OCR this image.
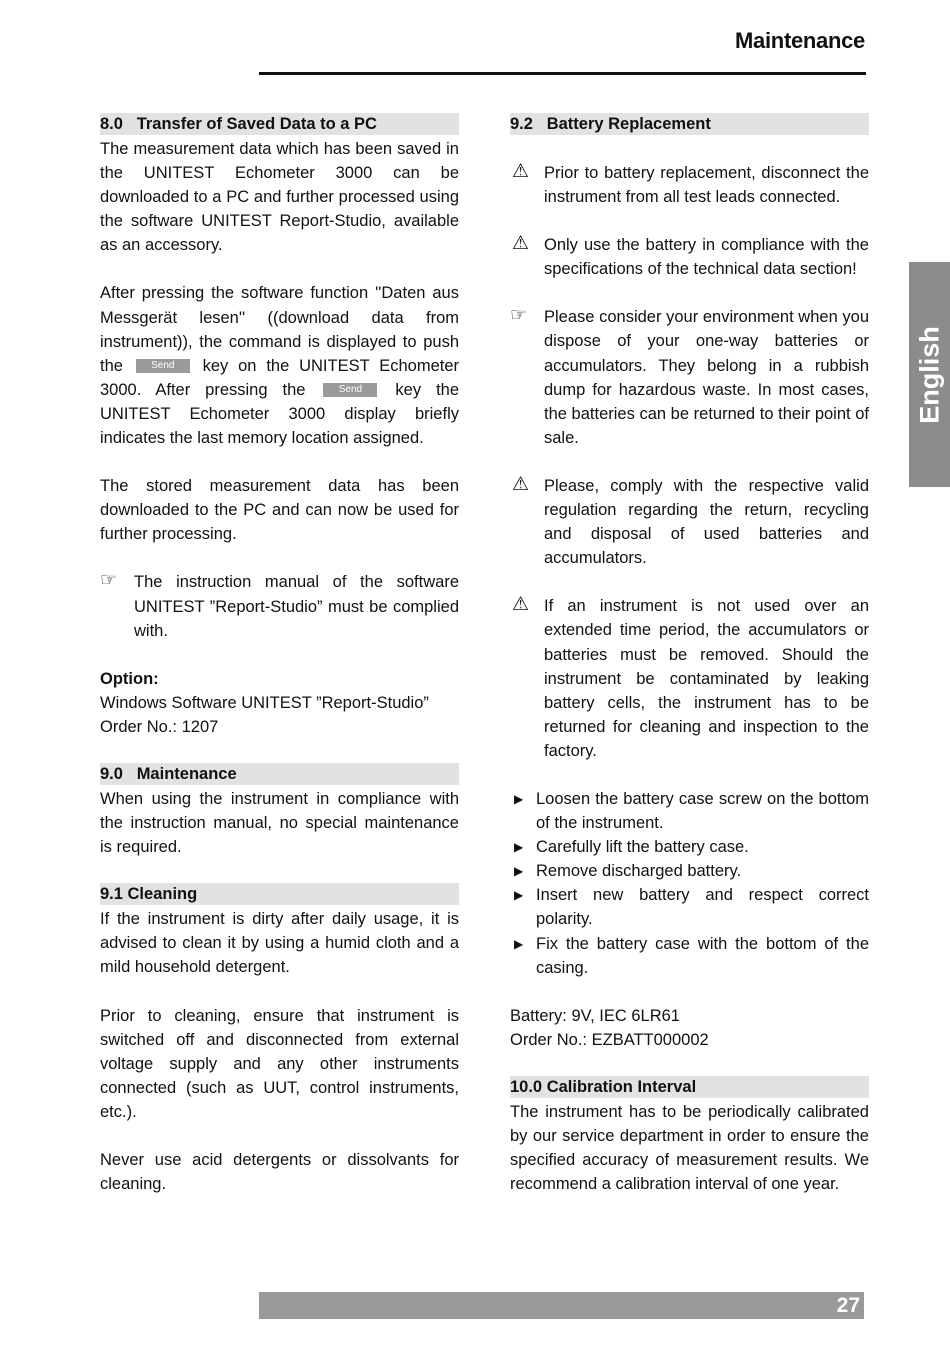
Maintenance
English
8.0   Transfer of Saved Data to a PC

The measurement data which has been saved in the UNITEST Echometer 3000 can be downloaded to a PC and further processed using the software UNITEST Report-Studio, available as an accessory.

After pressing the software function ''Daten aus Messgerät lesen'' ((download data from instrument)), the command is displayed to push the	Send key on the UNITEST Echometer 3000. After pressing the	Send key the UNITEST Echometer 3000 display briefly indicates the last memory location assigned.

The stored measurement data has been downloaded to the PC and can now be used for further processing.

☞ The instruction manual of the software UNITEST ”Report-Studio” must be complied with.

Option:

Windows Software UNITEST ”Report-Studio”

Order No.: 1207

9.0   Maintenance

When using the instrument in compliance with the instruction manual, no special maintenance is required.

9.1 Cleaning

If the instrument is dirty after daily usage, it is advised to clean it by using a humid cloth and a mild household detergent.

Prior to cleaning, ensure that instrument is switched off and disconnected from external voltage supply and any other instruments connected (such as UUT, control instruments, etc.).

Never use acid detergents or dissolvants for cleaning.

9.2   Battery Replacement
⚠ Prior to battery replacement, disconnect the instrument from all test leads connected.
⚠ Only use the battery in compliance with the specifications of the technical data section!
☞ Please consider your environment when you dispose of your one-way batteries or accumulators. They belong in a rubbish dump for hazardous waste. In most cases, the batteries can be returned to their point of sale.
⚠ Please, comply with the respective valid regulation regarding the return, recycling and disposal of used batteries and accumulators.
⚠ If an instrument is not used over an extended time period, the accumulators or batteries must be removed. Should the instrument be contaminated by leaking battery cells, the instrument has to be returned for cleaning and inspection to the factory.
▶ Loosen the battery case screw on the bottom of the instrument.
▶ Carefully lift the battery case.
▶ Remove discharged battery.
▶ Insert new battery and respect correct polarity.
▶ Fix the battery case with the bottom of the casing.

Battery: 9V, IEC 6LR61

Order No.: EZBATT000002

10.0 Calibration Interval

The instrument has to be periodically calibrated by our service department in order to ensure the specified accuracy of measurement results. We recommend a calibration interval of one year.

27
